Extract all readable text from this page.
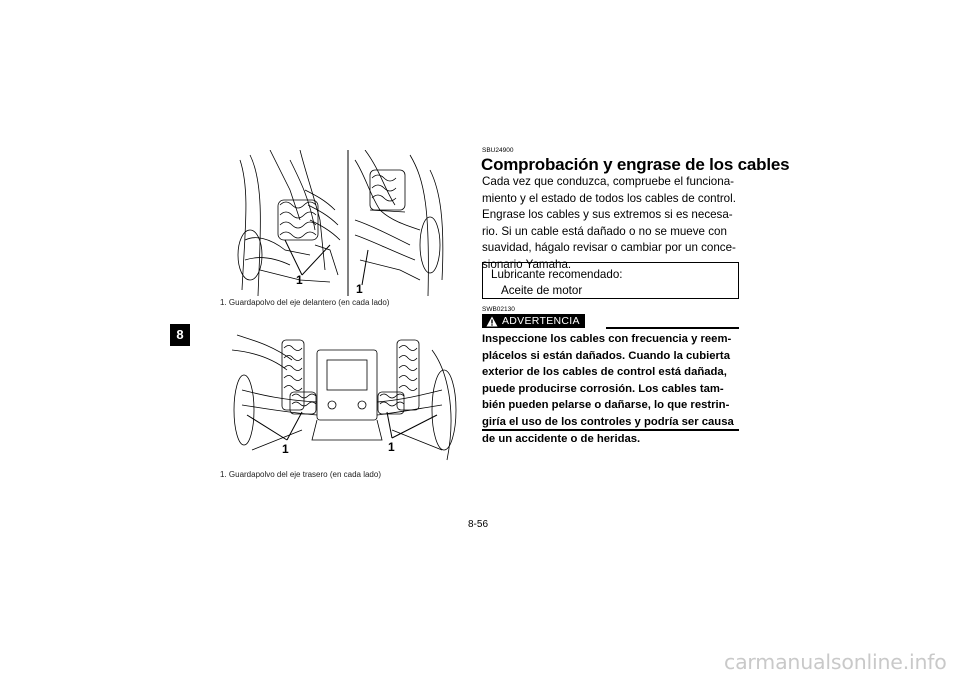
8
1
1
1. Guardapolvo del eje delantero (en cada lado)
1	1
1. Guardapolvo del eje trasero (en cada lado)
SBU24900
Comprobación y engrase de los cables
Cada vez que conduzca, compruebe el funciona-
miento y el estado de todos los cables de control.
Engrase los cables y sus extremos si es necesa-
rio. Si un cable está dañado o no se mueve con
suavidad, hágalo revisar o cambiar por un conce-
sionario Yamaha.
Lubricante recomendado:
Aceite de motor
SWB02130
ADVERTENCIA
Inspeccione los cables con frecuencia y reem-
plácelos si están dañados. Cuando la cubierta
exterior de los cables de control está dañada,
puede producirse corrosión. Los cables tam-
bién pueden pelarse o dañarse, lo que restrin-
giría el uso de los controles y podría ser causa
de un accidente o de heridas.
8-56
carmanualsonline.info
